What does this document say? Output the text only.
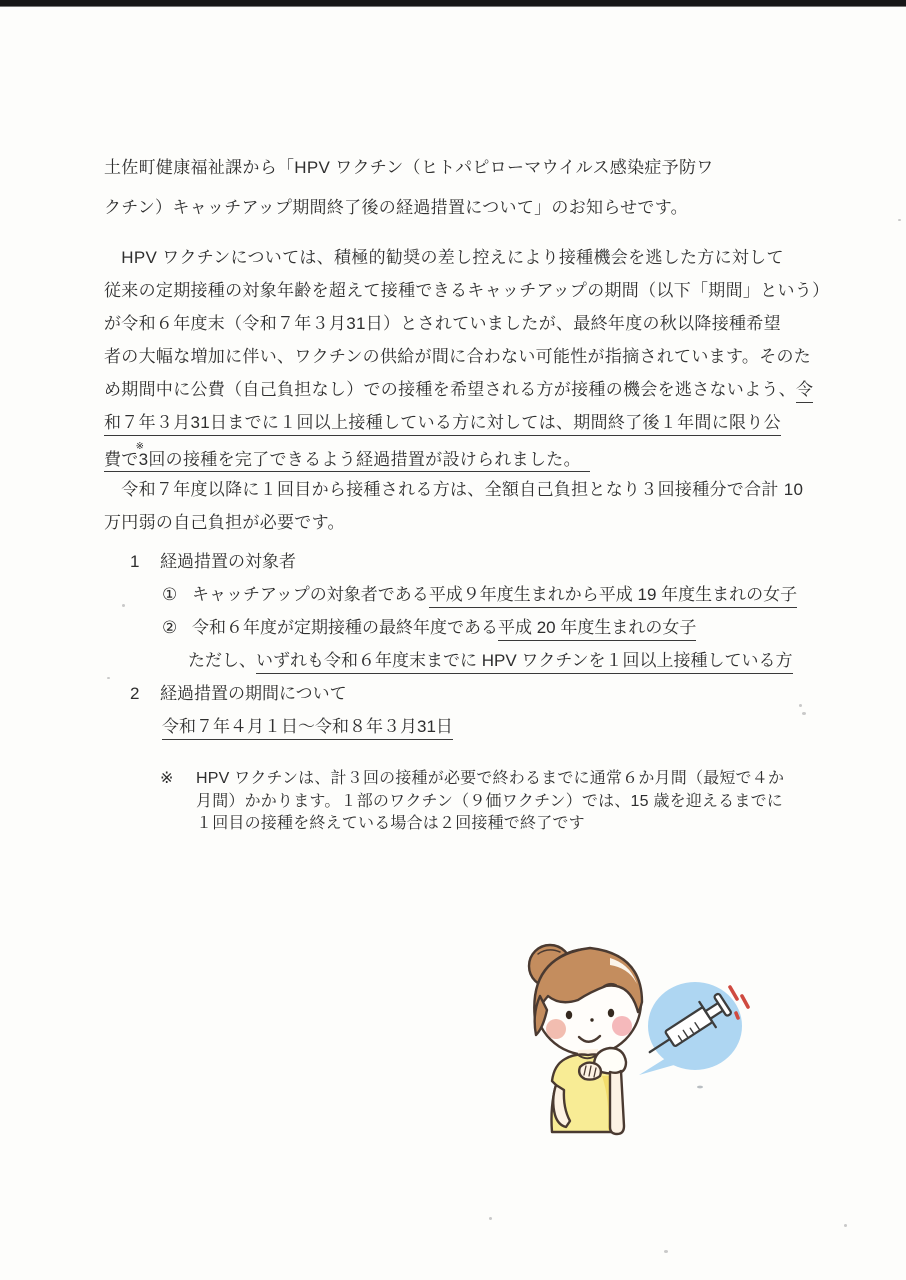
土佐町健康福祉課から「HPV ワクチン（ヒトパピローマウイルス感染症予防ワ
クチン）キャッチアップ期間終了後の経過措置について」のお知らせです。
　HPV ワクチンについては、積極的勧奨の差し控えにより接種機会を逃した方に対して
従来の定期接種の対象年齢を超えて接種できるキャッチアップの期間（以下「期間」という）
が令和６年度末（令和７年３月31日）とされていましたが、最終年度の秋以降接種希望
者の大幅な増加に伴い、ワクチンの供給が間に合わない可能性が指摘されています。そのた
め期間中に公費（自己負担なし）での接種を希望される方が接種の機会を逃さないよう、令
和７年３月31日までに１回以上接種している方に対しては、期間終了後１年間に限り公
費で※3回の接種を完了できるよう経過措置が設けられました。　
　令和７年度以降に１回目から接種される方は、全額自己負担となり３回接種分で合計 10
万円弱の自己負担が必要です。
1 経過措置の対象者
① キャッチアップの対象者である平成９年度生まれから平成 19 年度生まれの女子
② 令和６年度が定期接種の最終年度である平成 20 年度生まれの女子
ただし、いずれも令和６年度末までに HPV ワクチンを１回以上接種している方
2 経過措置の期間について
令和７年４月１日～令和８年３月31日
※ HPV ワクチンは、計３回の接種が必要で終わるまでに通常６か月間（最短で４か
月間）かかります。１部のワクチン（９価ワクチン）では、15 歳を迎えるまでに
１回目の接種を終えている場合は２回接種で終了です
